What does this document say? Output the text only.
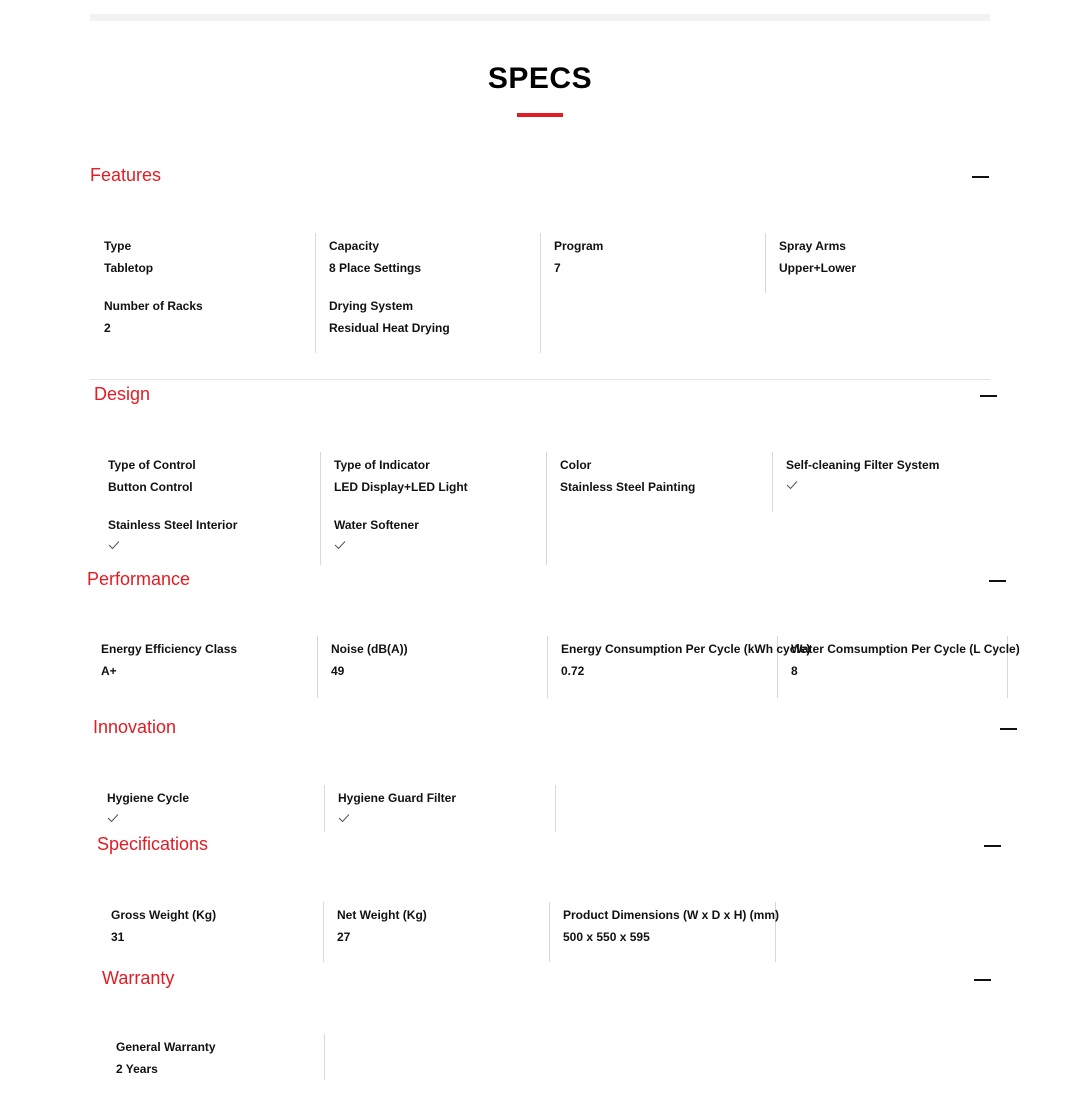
SPECS
Features
Type
Tabletop
Capacity
8 Place Settings
Program
7
Spray Arms
Upper+Lower
Number of Racks
2
Drying System
Residual Heat Drying
Design
Type of Control
Button Control
Type of Indicator
LED Display+LED Light
Color
Stainless Steel Painting
Self-cleaning Filter System
Stainless Steel Interior	Water Softener
Performance
Energy Efficiency Class
A+
Noise (dB(A))
49
Energy Consumption Per Cycle (kWh cycle)
0.72
Water Comsumption Per Cycle (L Cycle)
8
Innovation
Hygiene Cycle	Hygiene Guard Filter
Specifications
Gross Weight (Kg)
31
Net Weight (Kg)
27
Product Dimensions (W x D x H) (mm)
500 x 550 x 595
Warranty
General Warranty
2 Years
